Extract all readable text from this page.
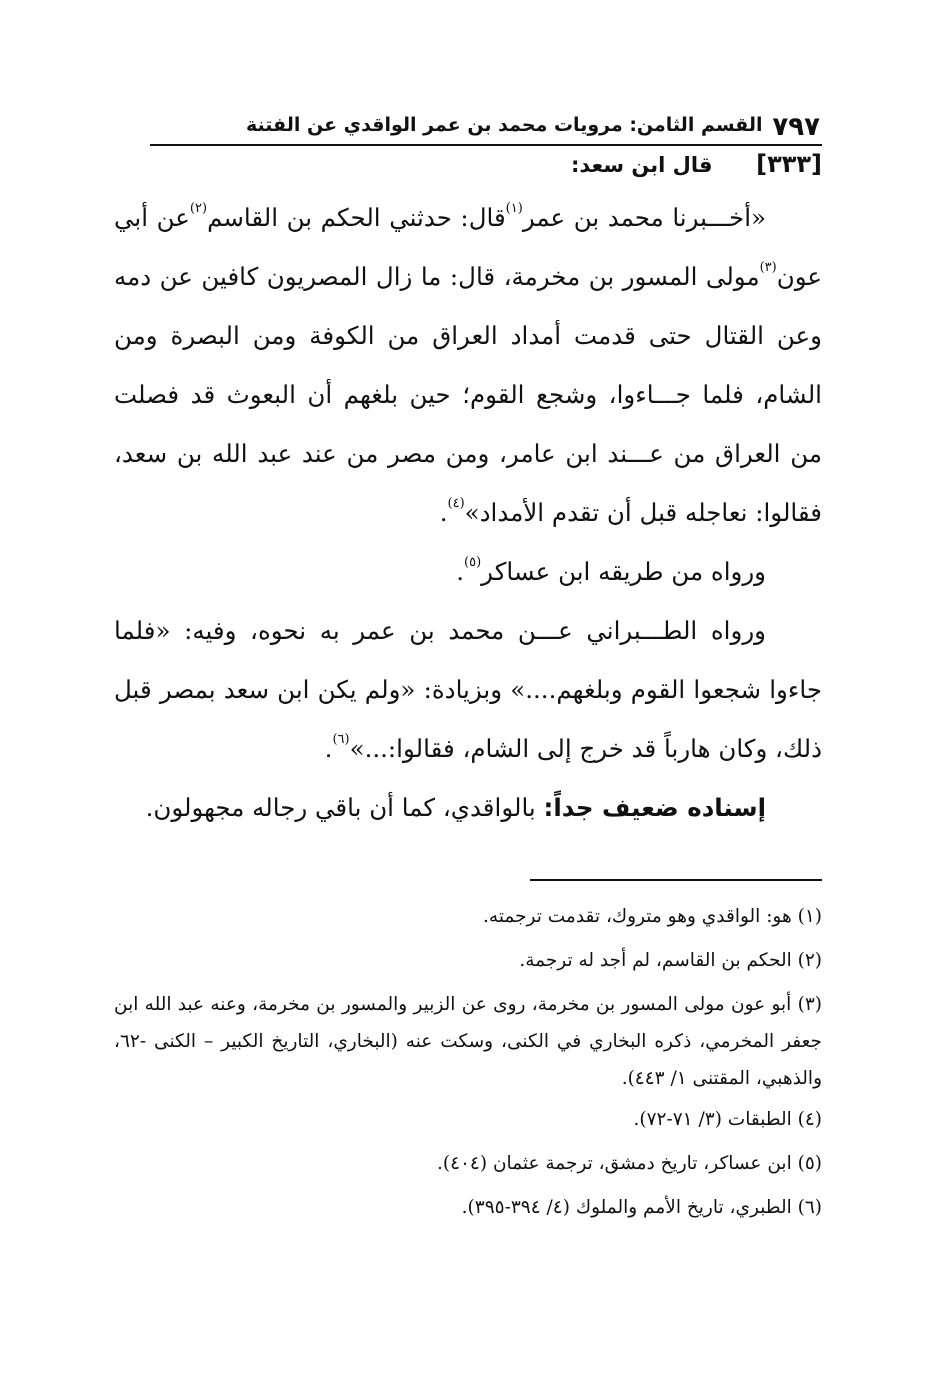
٧٩٧
القسم الثامن: مرويات محمد بن عمر الواقدي عن الفتنة
[٣٣٣] قال ابن سعد:

«أخـــبرنا محمد بن عمر$^{(١)}$قال: حدثني الحكم بن القاسم$^{(٢)}$عن أبي عون$^{(٣)}$مولى المسور بن مخرمة، قال: ما زال المصريون كافين عن دمه وعن القتال حتى قدمت أمداد العراق من الكوفة ومن البصرة ومن الشام، فلما جـــاءوا، وشجع القوم؛ حين بلغهم أن البعوث قد فصلت من العراق من عـــند ابن عامر، ومن مصر من عند عبد الله بن سعد، فقالوا: نعاجله قبل أن تقدم الأمداد»$^{(٤)}$.

ورواه من طريقه ابن عساكر$^{(٥)}$.

ورواه الطـــبراني عـــن محمد بن عمر به نحوه، وفيه: «فلما جاءوا شجعوا القوم وبلغهم....» وبزيادة: «ولم يكن ابن سعد بمصر قبل ذلك، وكان هارباً قد خرج إلى الشام، فقالوا:...»$^{(٦)}$.

إسناده ضعيف جداً: بالواقدي، كما أن باقي رجاله مجهولون.

(١) هو: الواقدي وهو متروك، تقدمت ترجمته.

(٢) الحكم بن القاسم، لم أجد له ترجمة.

(٣) أبو عون مولى المسور بن مخرمة، روى عن الزبير والمسور بن مخرمة، وعنه عبد الله ابن جعفر المخرمي، ذكره البخاري في الكنى، وسكت عنه (البخاري، التاريخ الكبير – الكنى -٦٢، والذهبي، المقتنى ١/ ٤٤٣).

(٤) الطبقات (٣/ ٧١-٧٢).

(٥) ابن عساكر، تاريخ دمشق، ترجمة عثمان (٤٠٤).

(٦) الطبري، تاريخ الأمم والملوك (٤/ ٣٩٤-٣٩٥).
